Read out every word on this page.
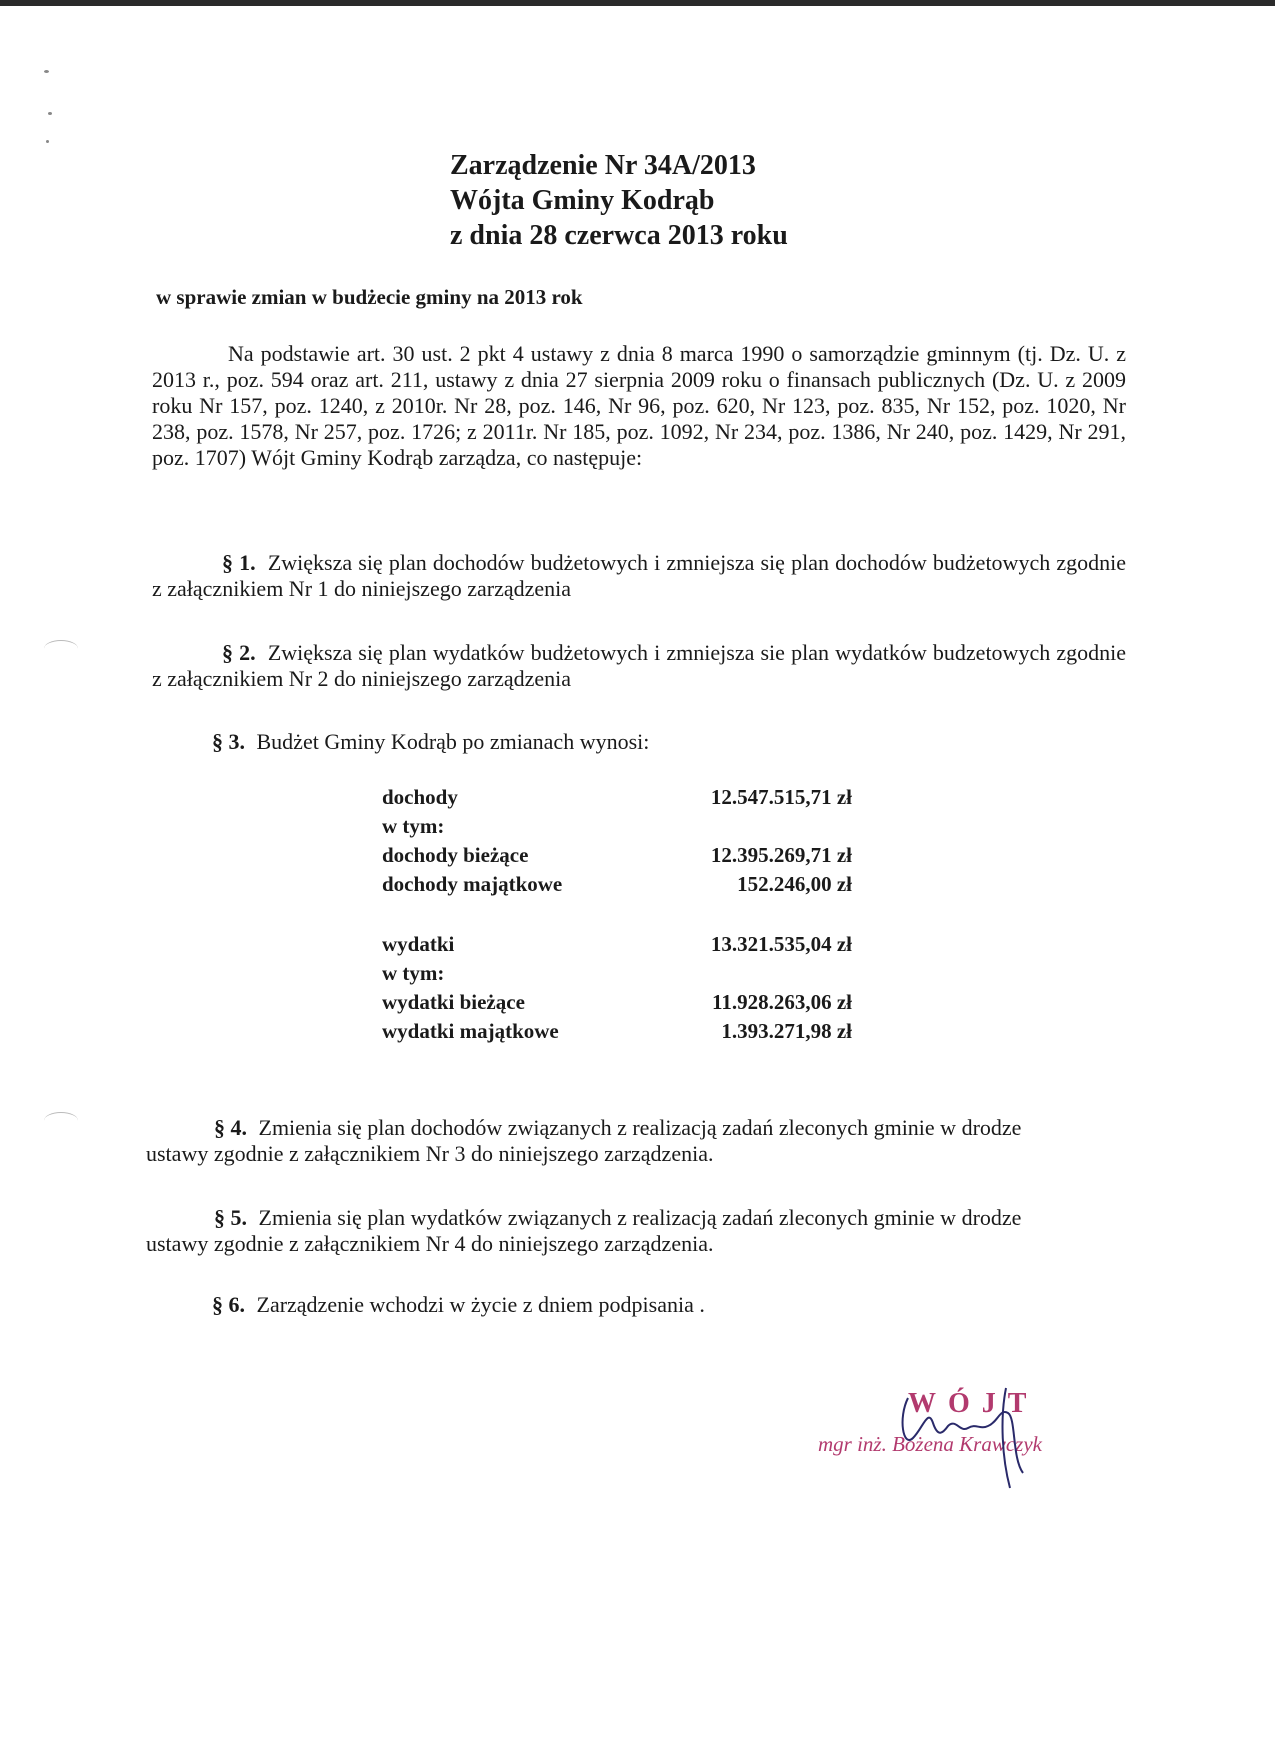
Zarządzenie Nr 34A/2013
Wójta Gminy Kodrąb
z dnia 28 czerwca 2013 roku
w sprawie zmian w budżecie gminy na 2013 rok
Na podstawie art. 30 ust. 2 pkt 4 ustawy z dnia 8 marca 1990 o samorządzie gminnym (tj. Dz. U. z 2013 r., poz. 594 oraz art. 211, ustawy z dnia 27 sierpnia 2009 roku o finansach publicznych (Dz. U. z 2009 roku Nr 157, poz. 1240, z 2010r. Nr 28, poz. 146, Nr 96, poz. 620, Nr 123, poz. 835, Nr 152, poz. 1020, Nr 238, poz. 1578, Nr 257, poz. 1726; z 2011r. Nr 185, poz. 1092, Nr 234, poz. 1386, Nr 240, poz. 1429, Nr 291, poz. 1707) Wójt Gminy Kodrąb zarządza, co następuje:
§ 1. Zwiększa się plan dochodów budżetowych i zmniejsza się plan dochodów budżetowych zgodnie z załącznikiem Nr 1 do niniejszego zarządzenia
§ 2. Zwiększa się plan wydatków budżetowych i zmniejsza sie plan wydatków budzetowych zgodnie z załącznikiem Nr 2 do niniejszego zarządzenia
§ 3. Budżet Gminy Kodrąb po zmianach wynosi:
dochody	12.547.515,71 zł
w tym:
dochody bieżące	12.395.269,71 zł
dochody majątkowe	152.246,00 zł
wydatki	13.321.535,04 zł
w tym:
wydatki bieżące	11.928.263,06 zł
wydatki majątkowe	1.393.271,98 zł
§ 4. Zmienia się plan dochodów związanych z realizacją zadań zleconych gminie w drodze ustawy zgodnie z załącznikiem Nr 3 do niniejszego zarządzenia.
§ 5. Zmienia się plan wydatków związanych z realizacją zadań zleconych gminie w drodze ustawy zgodnie z załącznikiem Nr 4 do niniejszego zarządzenia.
§ 6. Zarządzenie wchodzi w życie z dniem podpisania .
WÓJT
mgr inż. Bożena Krawczyk
